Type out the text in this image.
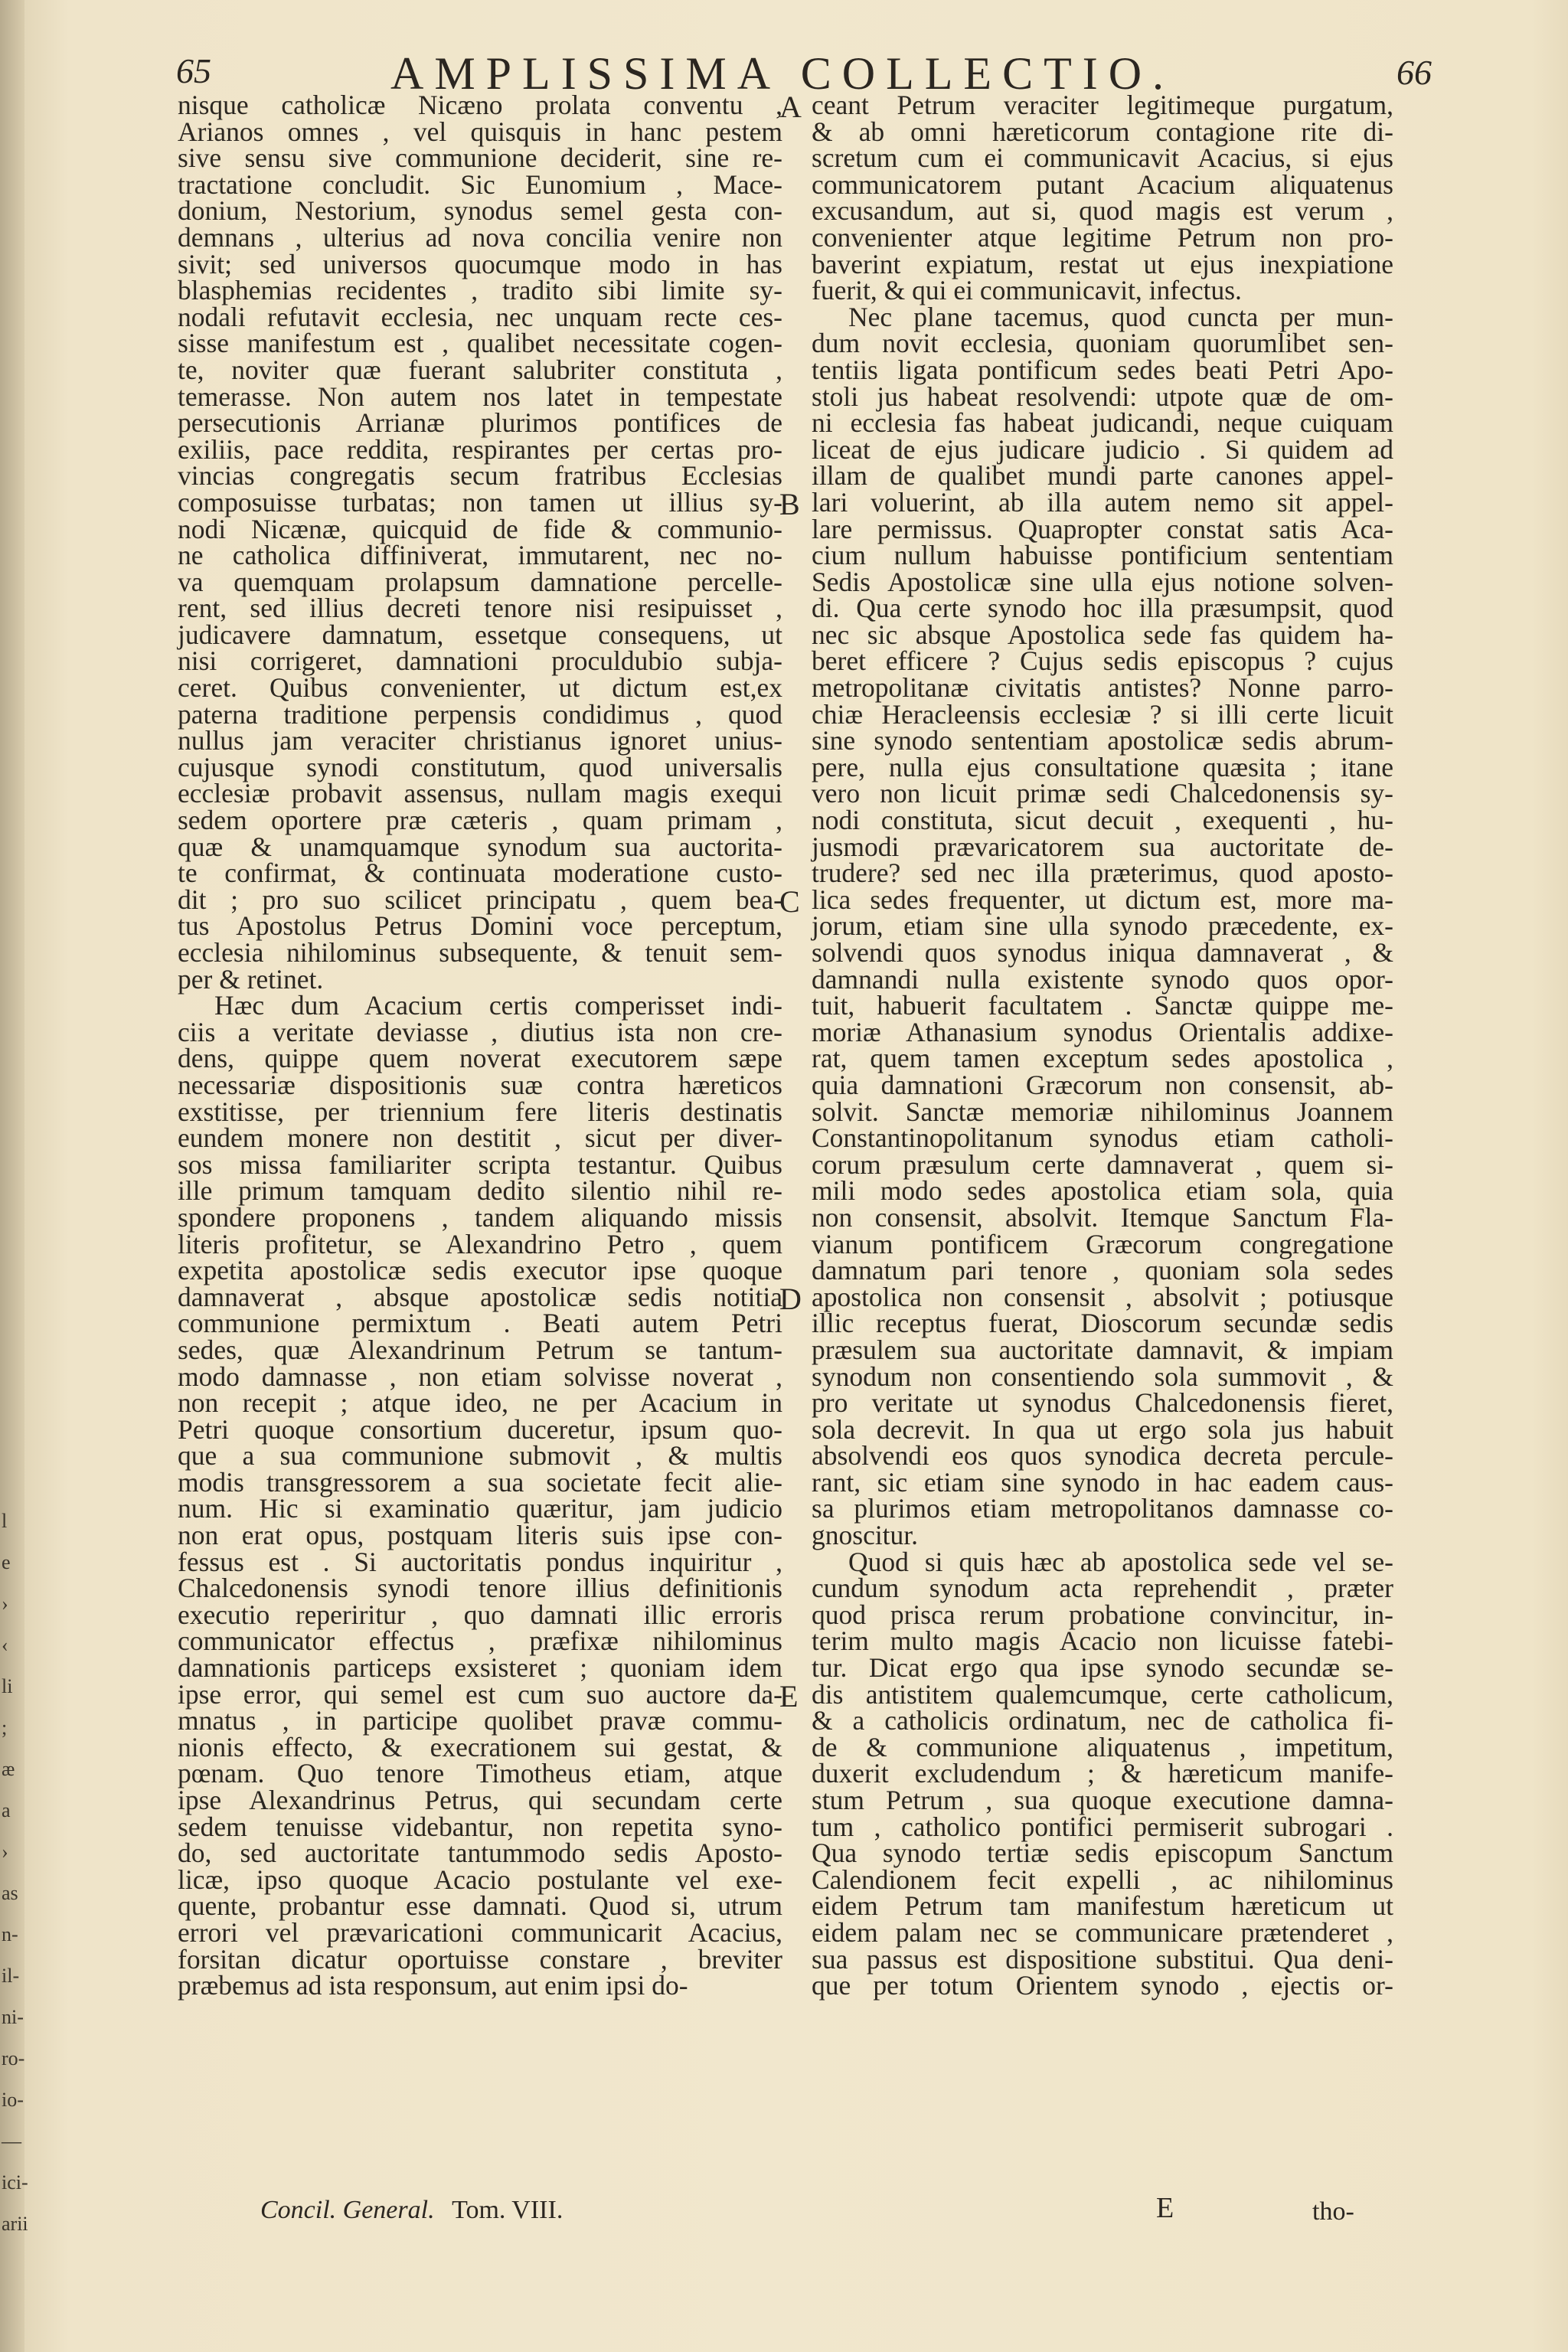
l
e
›
‹
li
;
æ
a
›
as
n-
il-
ni-
ro-
io-
—
ici-
arii
65	AMPLISSIMA COLLECTIO.	66
nisque catholicæ Nicæno prolata conventu ,
Arianos omnes , vel quisquis in hanc pestem
sive sensu sive communione deciderit, sine re-
tractatione concludit. Sic Eunomium , Mace-
donium, Nestorium, synodus semel gesta con-
demnans , ulterius ad nova concilia venire non
sivit; sed universos quocumque modo in has
blasphemias recidentes , tradito sibi limite sy-
nodali refutavit ecclesia, nec unquam recte ces-
sisse manifestum est , qualibet necessitate cogen-
te, noviter quæ fuerant salubriter constituta ,
temerasse. Non autem nos latet in tempestate
persecutionis Arrianæ plurimos pontifices de
exiliis, pace reddita, respirantes per certas pro-
vincias congregatis secum fratribus Ecclesias
composuisse turbatas; non tamen ut illius sy-
nodi Nicænæ, quicquid de fide & communio-
ne catholica diffiniverat, immutarent, nec no-
va quemquam prolapsum damnatione percelle-
rent, sed illius decreti tenore nisi resipuisset ,
judicavere damnatum, essetque consequens, ut
nisi corrigeret, damnationi proculdubio subja-
ceret. Quibus convenienter, ut dictum est,ex
paterna traditione perpensis condidimus , quod
nullus jam veraciter christianus ignoret unius-
cujusque synodi constitutum, quod universalis
ecclesiæ probavit assensus, nullam magis exequi
sedem oportere præ cæteris , quam primam ,
quæ & unamquamque synodum sua auctorita-
te confirmat, & continuata moderatione custo-
dit ; pro suo scilicet principatu , quem bea-
tus Apostolus Petrus Domini voce perceptum,
ecclesia nihilominus subsequente, & tenuit sem-
per & retinet.
Hæc dum Acacium certis comperisset indi-
ciis a veritate deviasse , diutius ista non cre-
dens, quippe quem noverat executorem sæpe
necessariæ dispositionis suæ contra hæreticos
exstitisse, per triennium fere literis destinatis
eundem monere non destitit , sicut per diver-
sos missa familiariter scripta testantur. Quibus
ille primum tamquam dedito silentio nihil re-
spondere proponens , tandem aliquando missis
literis profitetur, se Alexandrino Petro , quem
expetita apostolicæ sedis executor ipse quoque
damnaverat , absque apostolicæ sedis notitia
communione permixtum . Beati autem Petri
sedes, quæ Alexandrinum Petrum se tantum-
modo damnasse , non etiam solvisse noverat ,
non recepit ; atque ideo, ne per Acacium in
Petri quoque consortium duceretur, ipsum quo-
que a sua communione submovit , & multis
modis transgressorem a sua societate fecit alie-
num. Hic si examinatio quæritur, jam judicio
non erat opus, postquam literis suis ipse con-
fessus est . Si auctoritatis pondus inquiritur ,
Chalcedonensis synodi tenore illius definitionis
executio reperiritur , quo damnati illic erroris
communicator effectus , præfixæ nihilominus
damnationis particeps exsisteret ; quoniam idem
ipse error, qui semel est cum suo auctore da-
mnatus , in participe quolibet pravæ commu-
nionis effecto, & execrationem sui gestat, &
pœnam. Quo tenore Timotheus etiam, atque
ipse Alexandrinus Petrus, qui secundam certe
sedem tenuisse videbantur, non repetita syno-
do, sed auctoritate tantummodo sedis Aposto-
licæ, ipso quoque Acacio postulante vel exe-
quente, probantur esse damnati. Quod si, utrum
errori vel prævaricationi communicarit Acacius,
forsitan dicatur oportuisse constare , breviter
præbemus ad ista responsum, aut enim ipsi do-
A
B
C
D
E
ceant Petrum veraciter legitimeque purgatum,
& ab omni hæreticorum contagione rite di-
scretum cum ei communicavit Acacius, si ejus
communicatorem putant Acacium aliquatenus
excusandum, aut si, quod magis est verum ,
convenienter atque legitime Petrum non pro-
baverint expiatum, restat ut ejus inexpiatione
fuerit, & qui ei communicavit, infectus.
Nec plane tacemus, quod cuncta per mun-
dum novit ecclesia, quoniam quorumlibet sen-
tentiis ligata pontificum sedes beati Petri Apo-
stoli jus habeat resolvendi: utpote quæ de om-
ni ecclesia fas habeat judicandi, neque cuiquam
liceat de ejus judicare judicio . Si quidem ad
illam de qualibet mundi parte canones appel-
lari voluerint, ab illa autem nemo sit appel-
lare permissus. Quapropter constat satis Aca-
cium nullum habuisse pontificium sententiam
Sedis Apostolicæ sine ulla ejus notione solven-
di. Qua certe synodo hoc illa præsumpsit, quod
nec sic absque Apostolica sede fas quidem ha-
beret efficere ? Cujus sedis episcopus ? cujus
metropolitanæ civitatis antistes? Nonne parro-
chiæ Heracleensis ecclesiæ ? si illi certe licuit
sine synodo sententiam apostolicæ sedis abrum-
pere, nulla ejus consultatione quæsita ; itane
vero non licuit primæ sedi Chalcedonensis sy-
nodi constituta, sicut decuit , exequenti , hu-
jusmodi prævaricatorem sua auctoritate de-
trudere? sed nec illa præterimus, quod aposto-
lica sedes frequenter, ut dictum est, more ma-
jorum, etiam sine ulla synodo præcedente, ex-
solvendi quos synodus iniqua damnaverat , &
damnandi nulla existente synodo quos opor-
tuit, habuerit facultatem . Sanctæ quippe me-
moriæ Athanasium synodus Orientalis addixe-
rat, quem tamen exceptum sedes apostolica ,
quia damnationi Græcorum non consensit, ab-
solvit. Sanctæ memoriæ nihilominus Joannem
Constantinopolitanum synodus etiam catholi-
corum præsulum certe damnaverat , quem si-
mili modo sedes apostolica etiam sola, quia
non consensit, absolvit. Itemque Sanctum Fla-
vianum pontificem Græcorum congregatione
damnatum pari tenore , quoniam sola sedes
apostolica non consensit , absolvit ; potiusque
illic receptus fuerat, Dioscorum secundæ sedis
præsulem sua auctoritate damnavit, & impiam
synodum non consentiendo sola summovit , &
pro veritate ut synodus Chalcedonensis fieret,
sola decrevit. In qua ut ergo sola jus habuit
absolvendi eos quos synodica decreta percule-
rant, sic etiam sine synodo in hac eadem caus-
sa plurimos etiam metropolitanos damnasse co-
gnoscitur.
Quod si quis hæc ab apostolica sede vel se-
cundum synodum acta reprehendit , præter
quod prisca rerum probatione convincitur, in-
terim multo magis Acacio non licuisse fatebi-
tur. Dicat ergo qua ipse synodo secundæ se-
dis antistitem qualemcumque, certe catholicum,
& a catholicis ordinatum, nec de catholica fi-
de & communione aliquatenus , impetitum,
duxerit excludendum ; & hæreticum manife-
stum Petrum , sua quoque executione damna-
tum , catholico pontifici permiserit subrogari .
Qua synodo tertiæ sedis episcopum Sanctum
Calendionem fecit expelli , ac nihilominus
eidem Petrum tam manifestum hæreticum ut
eidem palam nec se communicare prætenderet ,
sua passus est dispositione substitui. Qua deni-
que per totum Orientem synodo , ejectis or-
Concil. General. Tom. VIII.	E	tho-
